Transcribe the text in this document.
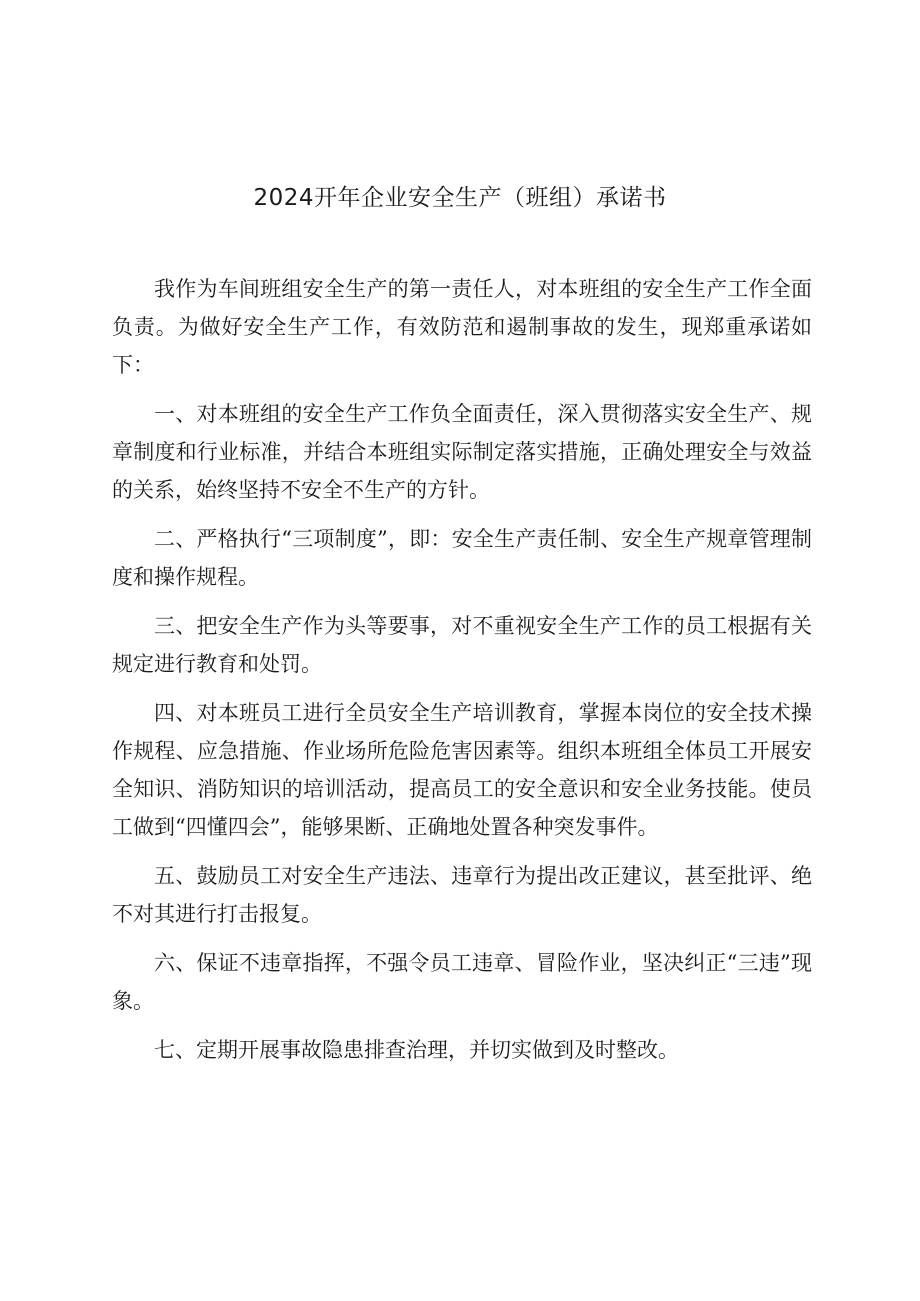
2024开年企业安全生产（班组）承诺书

我作为车间班组安全生产的第一责任人，对本班组的安全生产工作全面负责。为做好安全生产工作，有效防范和遏制事故的发生，现郑重承诺如下：

一、对本班组的安全生产工作负全面责任，深入贯彻落实安全生产、规章制度和行业标准，并结合本班组实际制定落实措施，正确处理安全与效益的关系，始终坚持不安全不生产的方针。

二、严格执行“三项制度”，即：安全生产责任制、安全生产规章管理制度和操作规程。

三、把安全生产作为头等要事，对不重视安全生产工作的员工根据有关规定进行教育和处罚。

四、对本班员工进行全员安全生产培训教育，掌握本岗位的安全技术操作规程、应急措施、作业场所危险危害因素等。组织本班组全体员工开展安全知识、消防知识的培训活动，提高员工的安全意识和安全业务技能。使员工做到“四懂四会”，能够果断、正确地处置各种突发事件。

五、鼓励员工对安全生产违法、违章行为提出改正建议，甚至批评、绝不对其进行打击报复。

六、保证不违章指挥，不强令员工违章、冒险作业，坚决纠正“三违”现象。

七、定期开展事故隐患排查治理，并切实做到及时整改。
